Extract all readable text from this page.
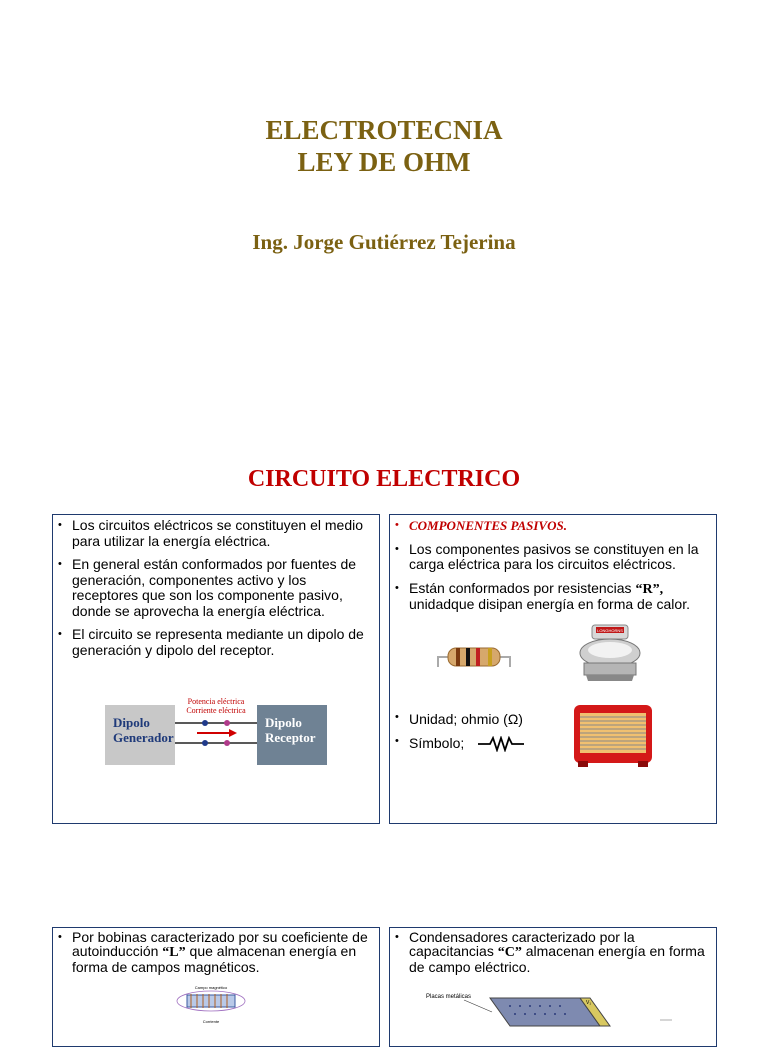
ELECTROTECNIA
LEY DE OHM
Ing. Jorge Gutiérrez Tejerina
CIRCUITO ELECTRICO
• Los circuitos eléctricos se constituyen el medio para utilizar la energía eléctrica.
• En general están conformados por fuentes de generación, componentes activo y los receptores que son los componente pasivo, donde se aprovecha la energía eléctrica.
• El circuito se representa mediante un dipolo de generación y dipolo del receptor.
Dipolo
Generador
Dipolo
Receptor
Potencia eléctrica
Corriente eléctrica
• COMPONENTES PASIVOS.
• Los componentes pasivos se constituyen en la carga eléctrica para los circuitos eléctricos.
• Están conformados por resistencias “R”, unidadque disipan energía en forma de calor.
LONGHORNS
• Unidad; ohmio (Ω)
• Símbolo;
• Por bobinas caracterizado por su coeficiente de autoinducción “L” que almacenan energía en forma de campos magnéticos.
Campo magnético
Corriente
• Condensadores caracterizado por la capacitancias “C” almacenan energía en forma de campo eléctrico.
Placas metálicas
V₁
